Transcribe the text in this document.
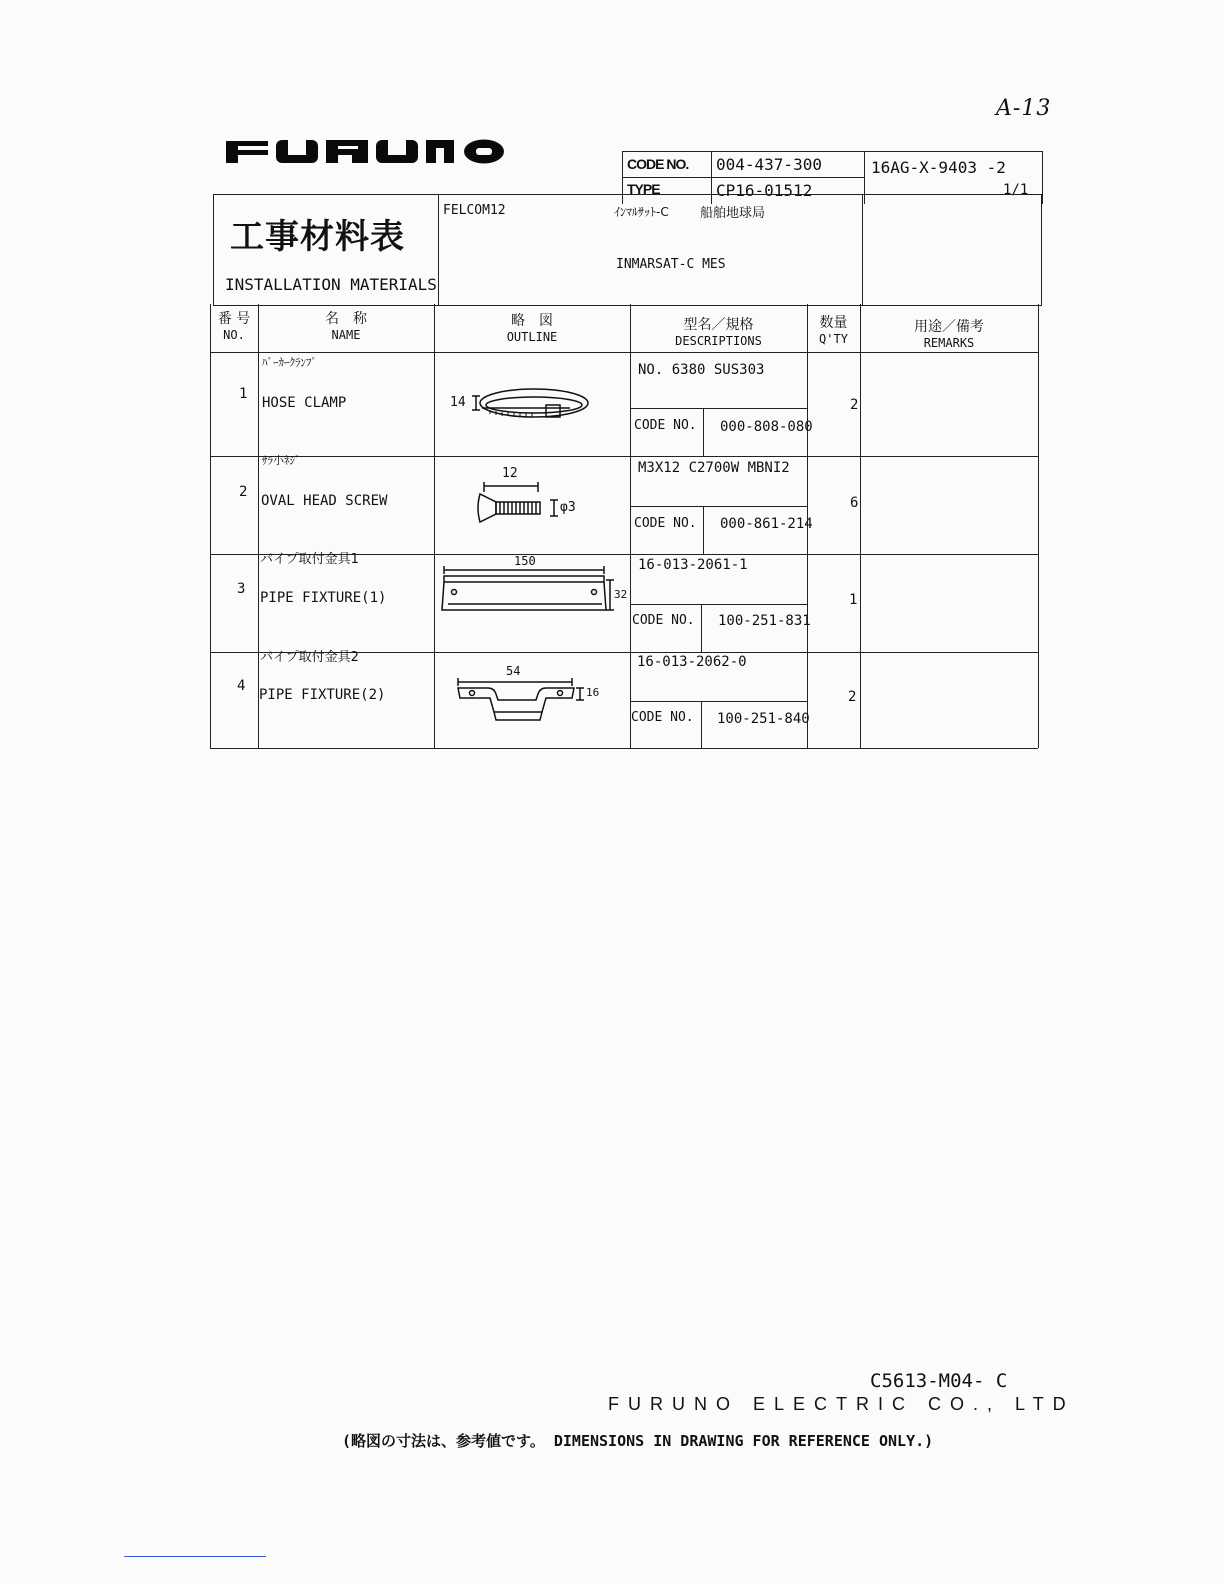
A-13
CODE NO. 004-437-300
TYPE	CP16-01512
16AG-X-9403 -2
1/1
工事材料表
INSTALLATION MATERIALS
FELCOM12	ｲﾝﾏﾙｻｯﾄ-C 船舶地球局
INMARSAT-C MES
番 号
NO.
名　称
NAME
略　図
OUTLINE
型名／規格
DESCRIPTIONS
数量
Q'TY
用途／備考
REMARKS
1
ﾊﾞｰｶｰｸﾗﾝﾌﾟ
HOSE CLAMP
NO. 6380 SUS303
CODE NO. 000-808-080
2
14
2
ｻﾗ小ﾈｼﾞ
OVAL HEAD SCREW
M3X12 C2700W MBNI2
CODE NO. 000-861-214
6
12
φ3
3
パイプ取付金具1
PIPE FIXTURE(1)
16-013-2061-1
CODE NO. 100-251-831
1
150
32
4
パイプ取付金具2
PIPE FIXTURE(2)
16-013-2062-0
CODE NO. 100-251-840
2
54
16
C5613-M04- C
FURUNO ELECTRIC CO., LTD
(略図の寸法は、参考値です。 DIMENSIONS IN DRAWING FOR REFERENCE ONLY.)
